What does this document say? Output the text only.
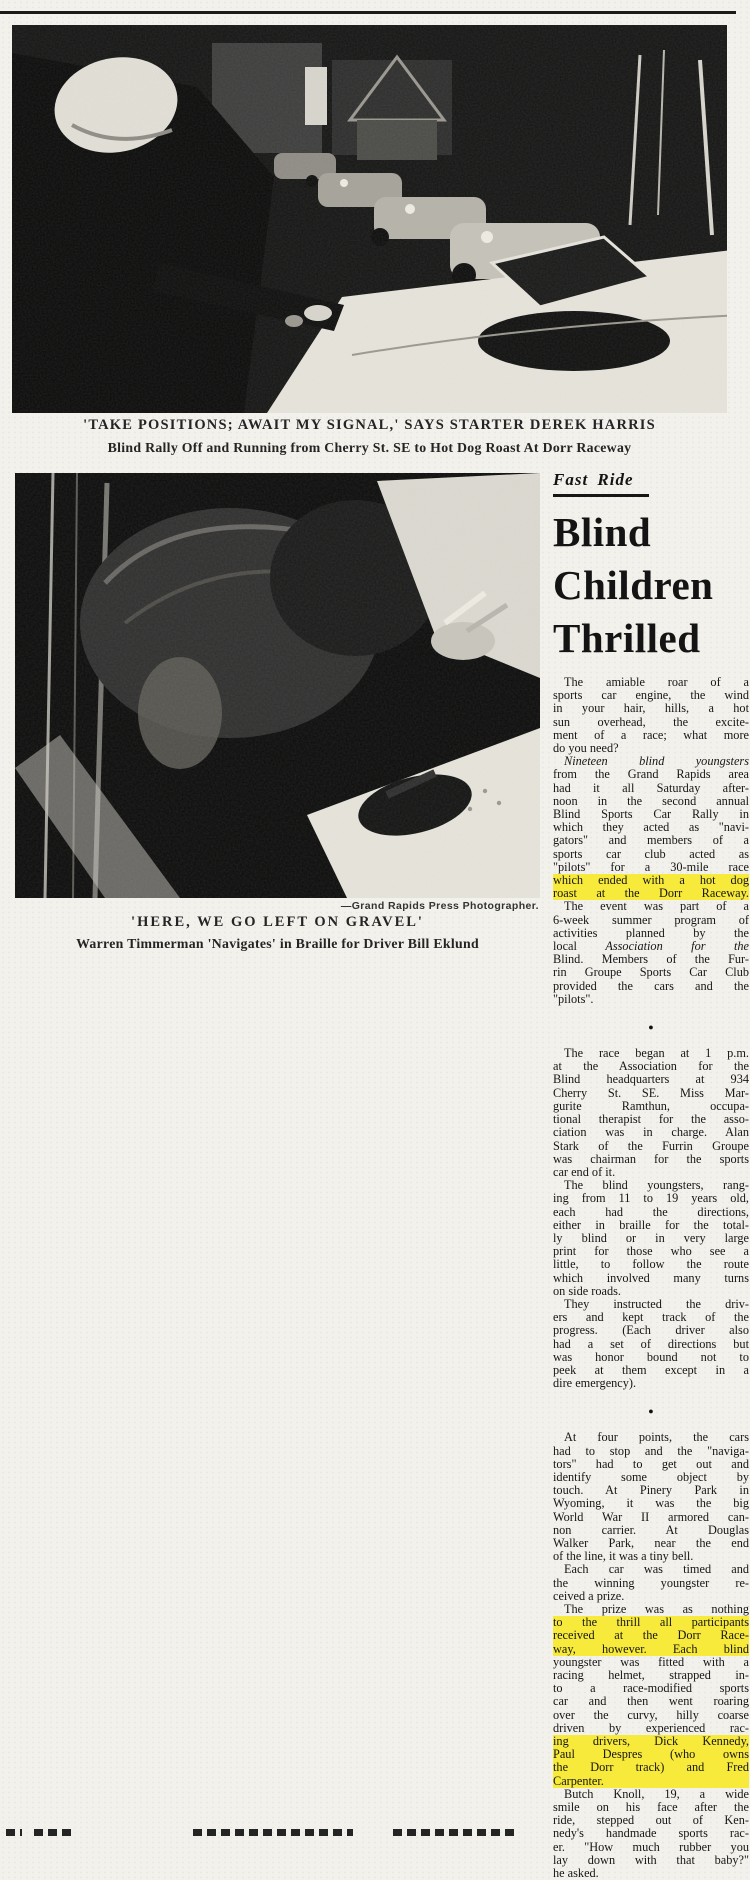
'TAKE POSITIONS; AWAIT MY SIGNAL,' SAYS STARTER DEREK HARRIS
Blind Rally Off and Running from Cherry St. SE to Hot Dog Roast At Dorr Raceway
—Grand Rapids Press Photographer.
'HERE, WE GO LEFT ON GRAVEL'
Warren Timmerman 'Navigates' in Braille for Driver Bill Eklund
Fast Ride
Blind
Children
Thrilled
The amiable roar of a
sports car engine, the wind
in your hair, hills, a hot
sun overhead, the excite-
ment of a race; what more
do you need?
Nineteen blind youngsters
from the Grand Rapids area
had it all Saturday after-
noon in the second annual
Blind Sports Car Rally in
which they acted as "navi-
gators" and members of a
sports car club acted as
"pilots" for a 30-mile race
which ended with a hot dog
roast at the Dorr Raceway.
The event was part of a
6-week summer program of
activities planned by the
local Association for the
Blind. Members of the Fur-
rin Groupe Sports Car Club
provided the cars and the
"pilots".
●
The race began at 1 p.m.
at the Association for the
Blind headquarters at 934
Cherry St. SE. Miss Mar-
gurite Ramthun, occupa-
tional therapist for the asso-
ciation was in charge. Alan
Stark of the Furrin Groupe
was chairman for the sports
car end of it.
The blind youngsters, rang-
ing from 11 to 19 years old,
each had the directions,
either in braille for the total-
ly blind or in very large
print for those who see a
little, to follow the route
which involved many turns
on side roads.
They instructed the driv-
ers and kept track of the
progress. (Each driver also
had a set of directions but
was honor bound not to
peek at them except in a
dire emergency).
●
At four points, the cars
had to stop and the "naviga-
tors" had to get out and
identify some object by
touch. At Pinery Park in
Wyoming, it was the big
World War II armored can-
non carrier. At Douglas
Walker Park, near the end
of the line, it was a tiny bell.
Each car was timed and
the winning youngster re-
ceived a prize.
The prize was as nothing
to the thrill all participants
received at the Dorr Race-
way, however. Each blind
youngster was fitted with a
racing helmet, strapped in-
to a race-modified sports
car and then went roaring
over the curvy, hilly coarse
driven by experienced rac-
ing drivers, Dick Kennedy,
Paul Despres (who owns
the Dorr track) and Fred
Carpenter.
Butch Knoll, 19, a wide
smile on his face after the
ride, stepped out of Ken-
nedy's handmade sports rac-
er. "How much rubber you
lay down with that baby?"
he asked.
